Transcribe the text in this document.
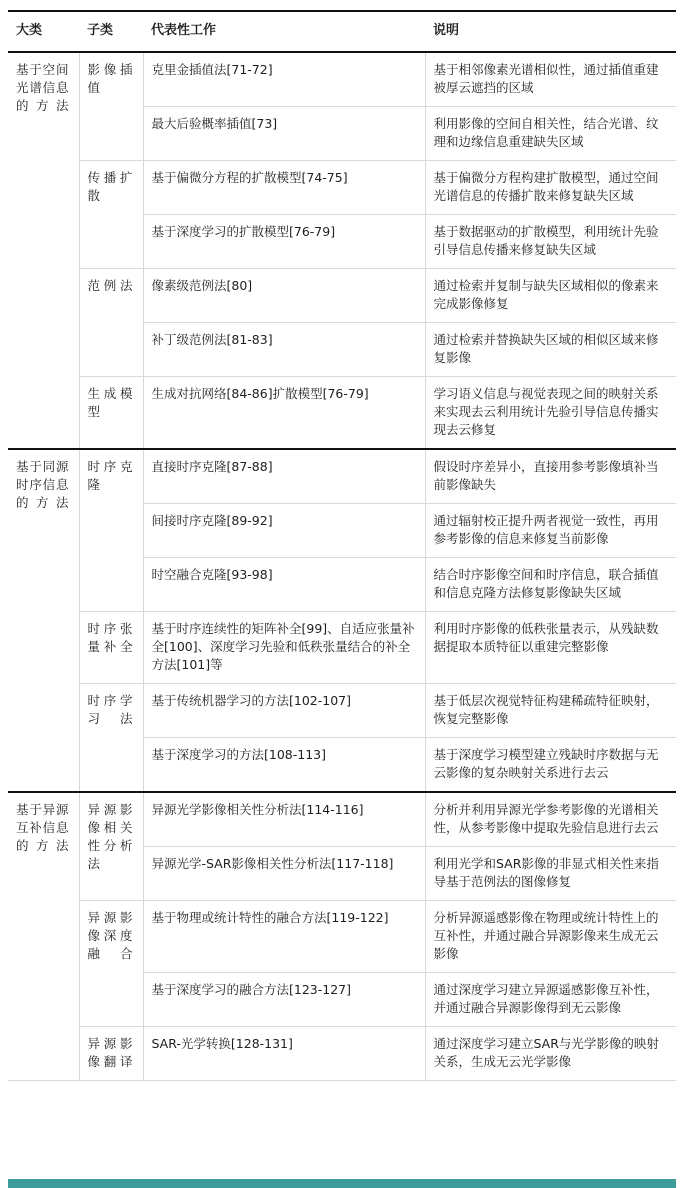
大类	子类	代表性工作	说明
基于空间光谱信息的方法	影像插值	克里金插值法[71-72]	基于相邻像素光谱相似性，通过插值重建被厚云遮挡的区域
		最大后验概率插值[73]	利用影像的空间自相关性，结合光谱、纹理和边缘信息重建缺失区域
	传播扩散	基于偏微分方程的扩散模型[74-75]	基于偏微分方程构建扩散模型，通过空间光谱信息的传播扩散来修复缺失区域
		基于深度学习的扩散模型[76-79]	基于数据驱动的扩散模型，利用统计先验引导信息传播来修复缺失区域
	范例法	像素级范例法[80]	通过检索并复制与缺失区域相似的像素来完成影像修复
		补丁级范例法[81-83]	通过检索并替换缺失区域的相似区域来修复影像
	生成模型	生成对抗网络[84-86]扩散模型[76-79]	学习语义信息与视觉表现之间的映射关系来实现去云利用统计先验引导信息传播实现去云修复
基于同源时序信息的方法	时序克隆	直接时序克隆[87-88]	假设时序差异小，直接用参考影像填补当前影像缺失
		间接时序克隆[89-92]	通过辐射校正提升两者视觉一致性，再用参考影像的信息来修复当前影像
		时空融合克隆[93-98]	结合时序影像空间和时序信息，联合插值和信息克隆方法修复影像缺失区域
	时序张量补全	基于时序连续性的矩阵补全[99]、自适应张量补全[100]、深度学习先验和低秩张量结合的补全方法[101]等	利用时序影像的低秩张量表示，从残缺数据提取本质特征以重建完整影像
	时序学习法	基于传统机器学习的方法[102-107]	基于低层次视觉特征构建稀疏特征映射，恢复完整影像
		基于深度学习的方法[108-113]	基于深度学习模型建立残缺时序数据与无云影像的复杂映射关系进行去云
基于异源互补信息的方法	异源影像相关性分析法	异源光学影像相关性分析法[114-116]	分析并利用异源光学参考影像的光谱相关性，从参考影像中提取先验信息进行去云
		异源光学-SAR影像相关性分析法[117-118]	利用光学和SAR影像的非显式相关性来指导基于范例法的图像修复
	异源影像深度融合	基于物理或统计特性的融合方法[119-122]	分析异源遥感影像在物理或统计特性上的互补性，并通过融合异源影像来生成无云影像
		基于深度学习的融合方法[123-127]	通过深度学习建立异源遥感影像互补性，并通过融合异源影像得到无云影像
	异源影像翻译	SAR-光学转换[128-131]	通过深度学习建立SAR与光学影像的映射关系，生成无云光学影像
